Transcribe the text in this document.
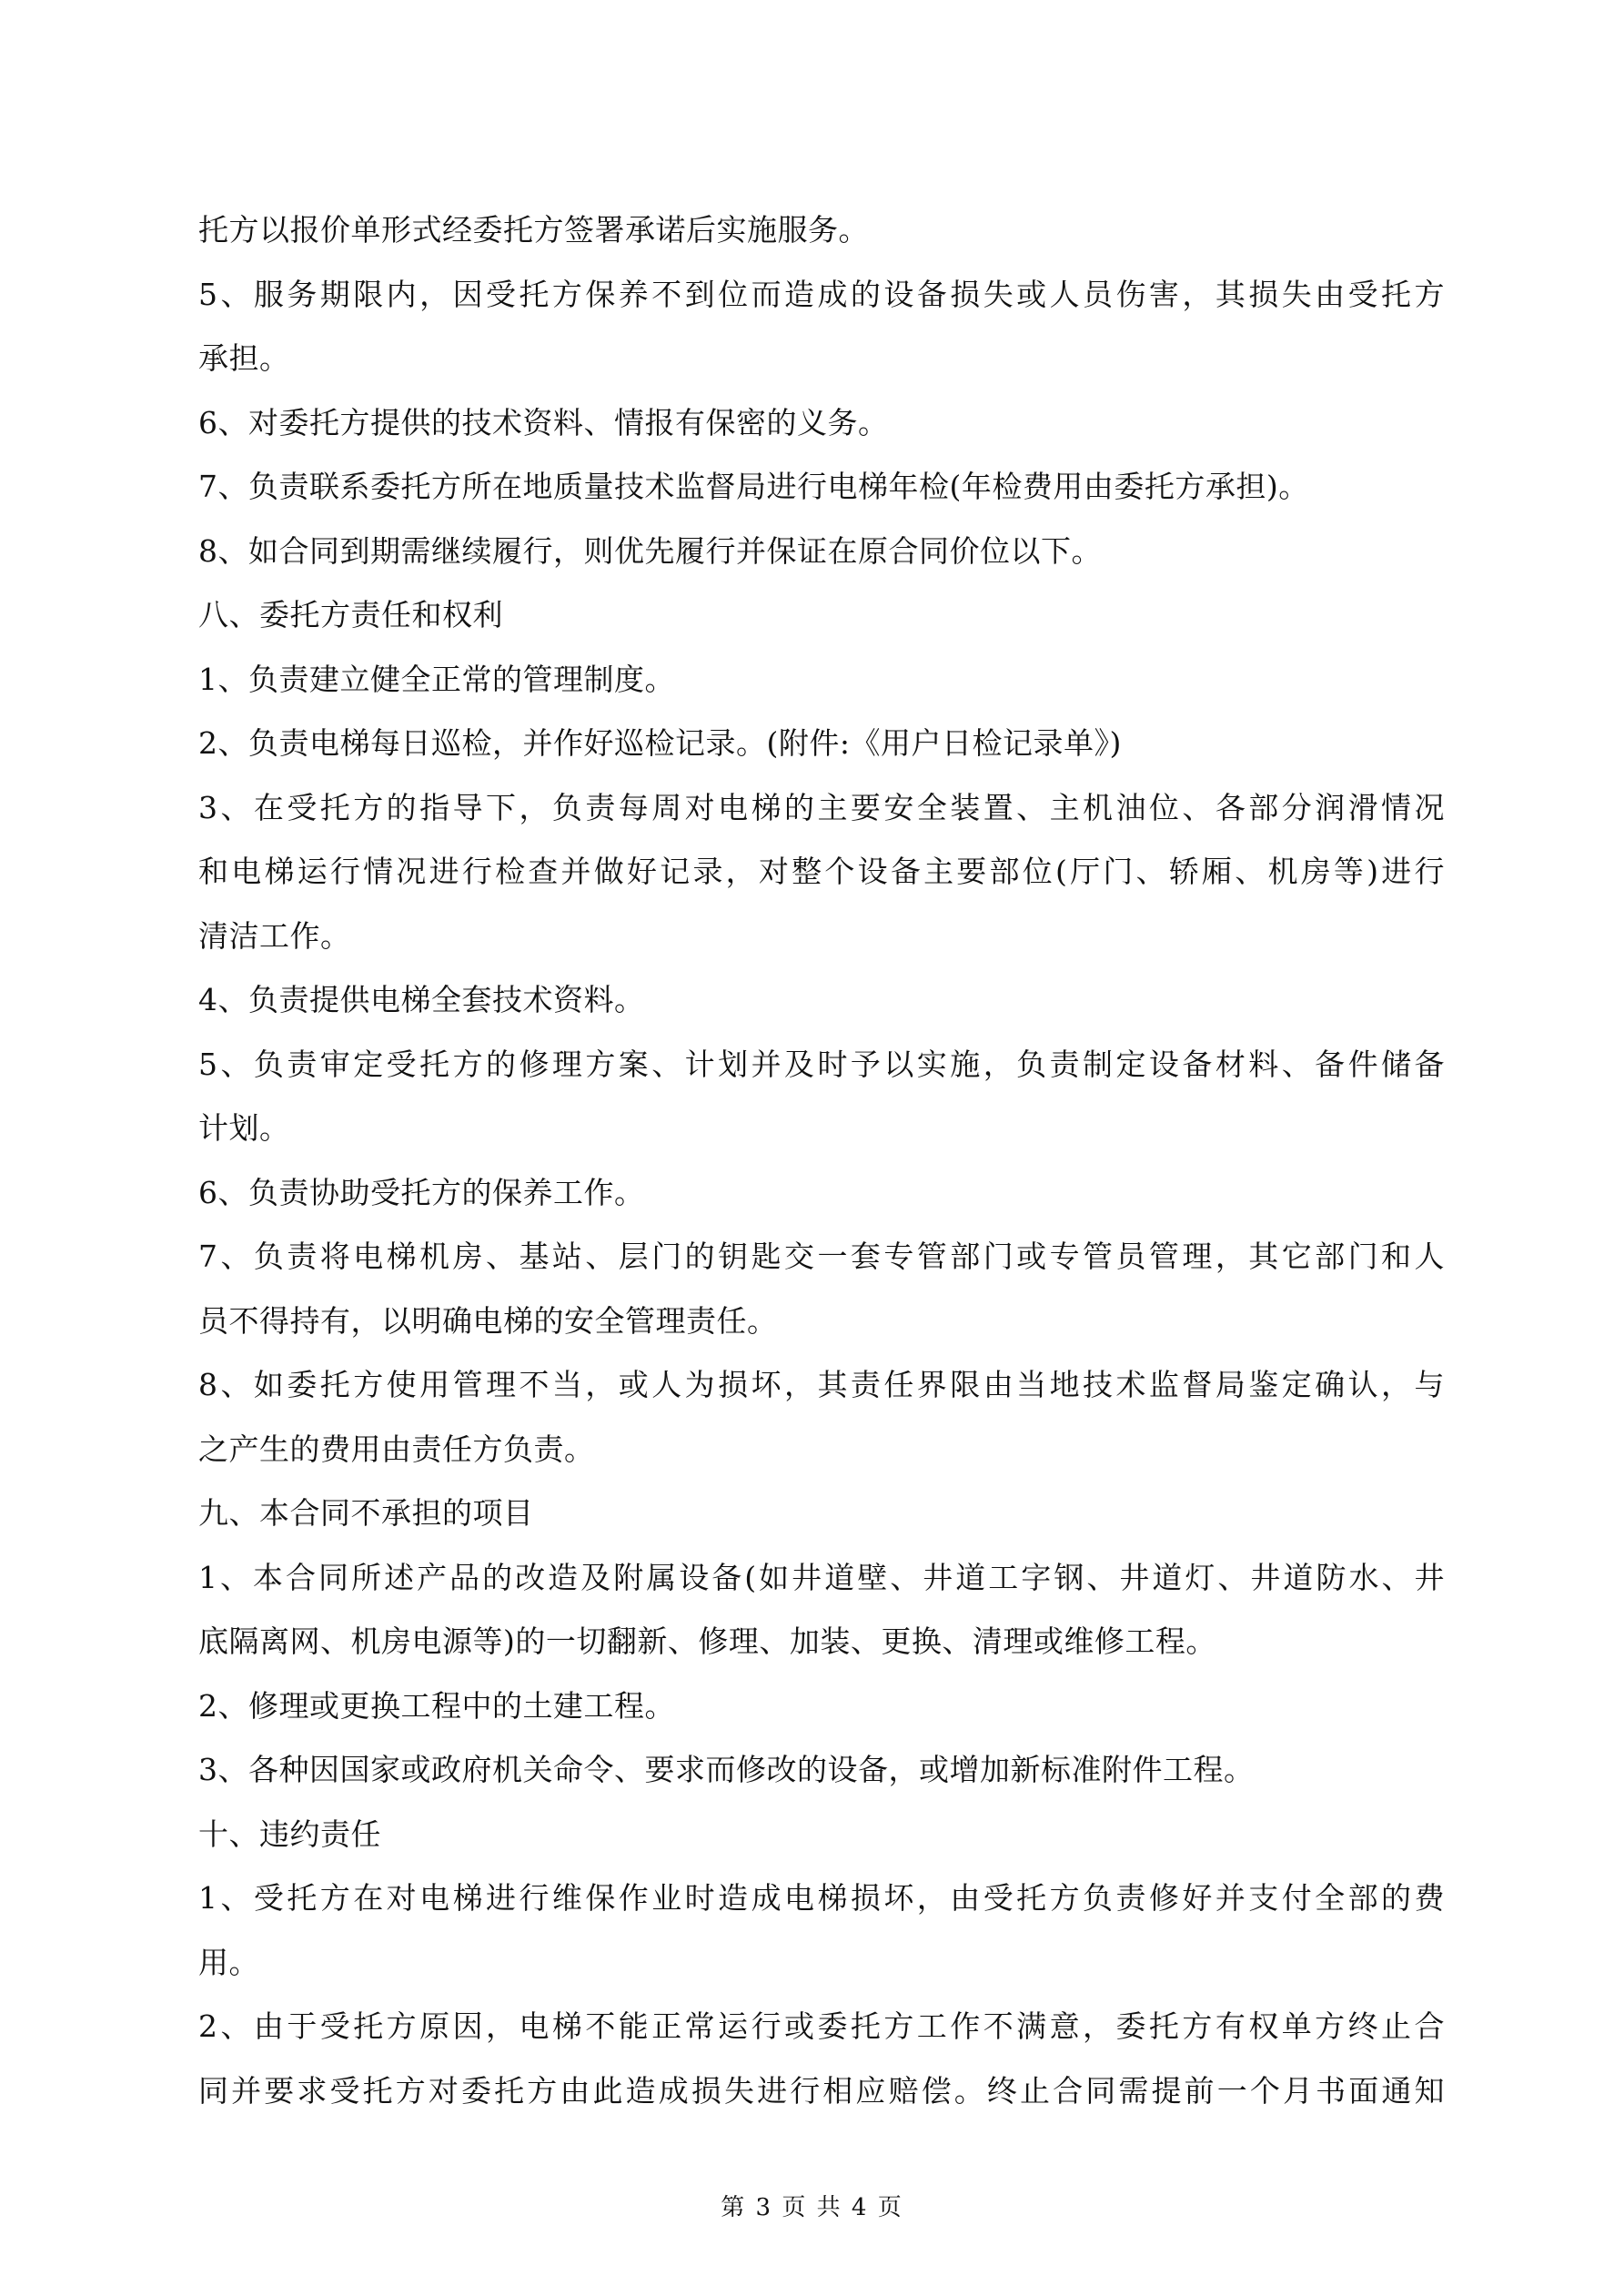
托方以报价单形式经委托方签署承诺后实施服务。
5、服务期限内，因受托方保养不到位而造成的设备损失或人员伤害，其损失由受托方
承担。
6、对委托方提供的技术资料、情报有保密的义务。
7、负责联系委托方所在地质量技术监督局进行电梯年检(年检费用由委托方承担)。
8、如合同到期需继续履行，则优先履行并保证在原合同价位以下。
八、委托方责任和权利
1、负责建立健全正常的管理制度。
2、负责电梯每日巡检，并作好巡检记录。(附件:《用户日检记录单》)
3、在受托方的指导下，负责每周对电梯的主要安全装置、主机油位、各部分润滑情况
和电梯运行情况进行检查并做好记录，对整个设备主要部位(厅门、轿厢、机房等)进行
清洁工作。
4、负责提供电梯全套技术资料。
5、负责审定受托方的修理方案、计划并及时予以实施，负责制定设备材料、备件储备
计划。
6、负责协助受托方的保养工作。
7、负责将电梯机房、基站、层门的钥匙交一套专管部门或专管员管理，其它部门和人
员不得持有，以明确电梯的安全管理责任。
8、如委托方使用管理不当，或人为损坏，其责任界限由当地技术监督局鉴定确认，与
之产生的费用由责任方负责。
九、本合同不承担的项目
1、本合同所述产品的改造及附属设备(如井道壁、井道工字钢、井道灯、井道防水、井
底隔离网、机房电源等)的一切翻新、修理、加装、更换、清理或维修工程。
2、修理或更换工程中的土建工程。
3、各种因国家或政府机关命令、要求而修改的设备，或增加新标准附件工程。
十、违约责任
1、受托方在对电梯进行维保作业时造成电梯损坏，由受托方负责修好并支付全部的费
用。
2、由于受托方原因，电梯不能正常运行或委托方工作不满意，委托方有权单方终止合
同并要求受托方对委托方由此造成损失进行相应赔偿。终止合同需提前一个月书面通知
第 3 页 共 4 页
